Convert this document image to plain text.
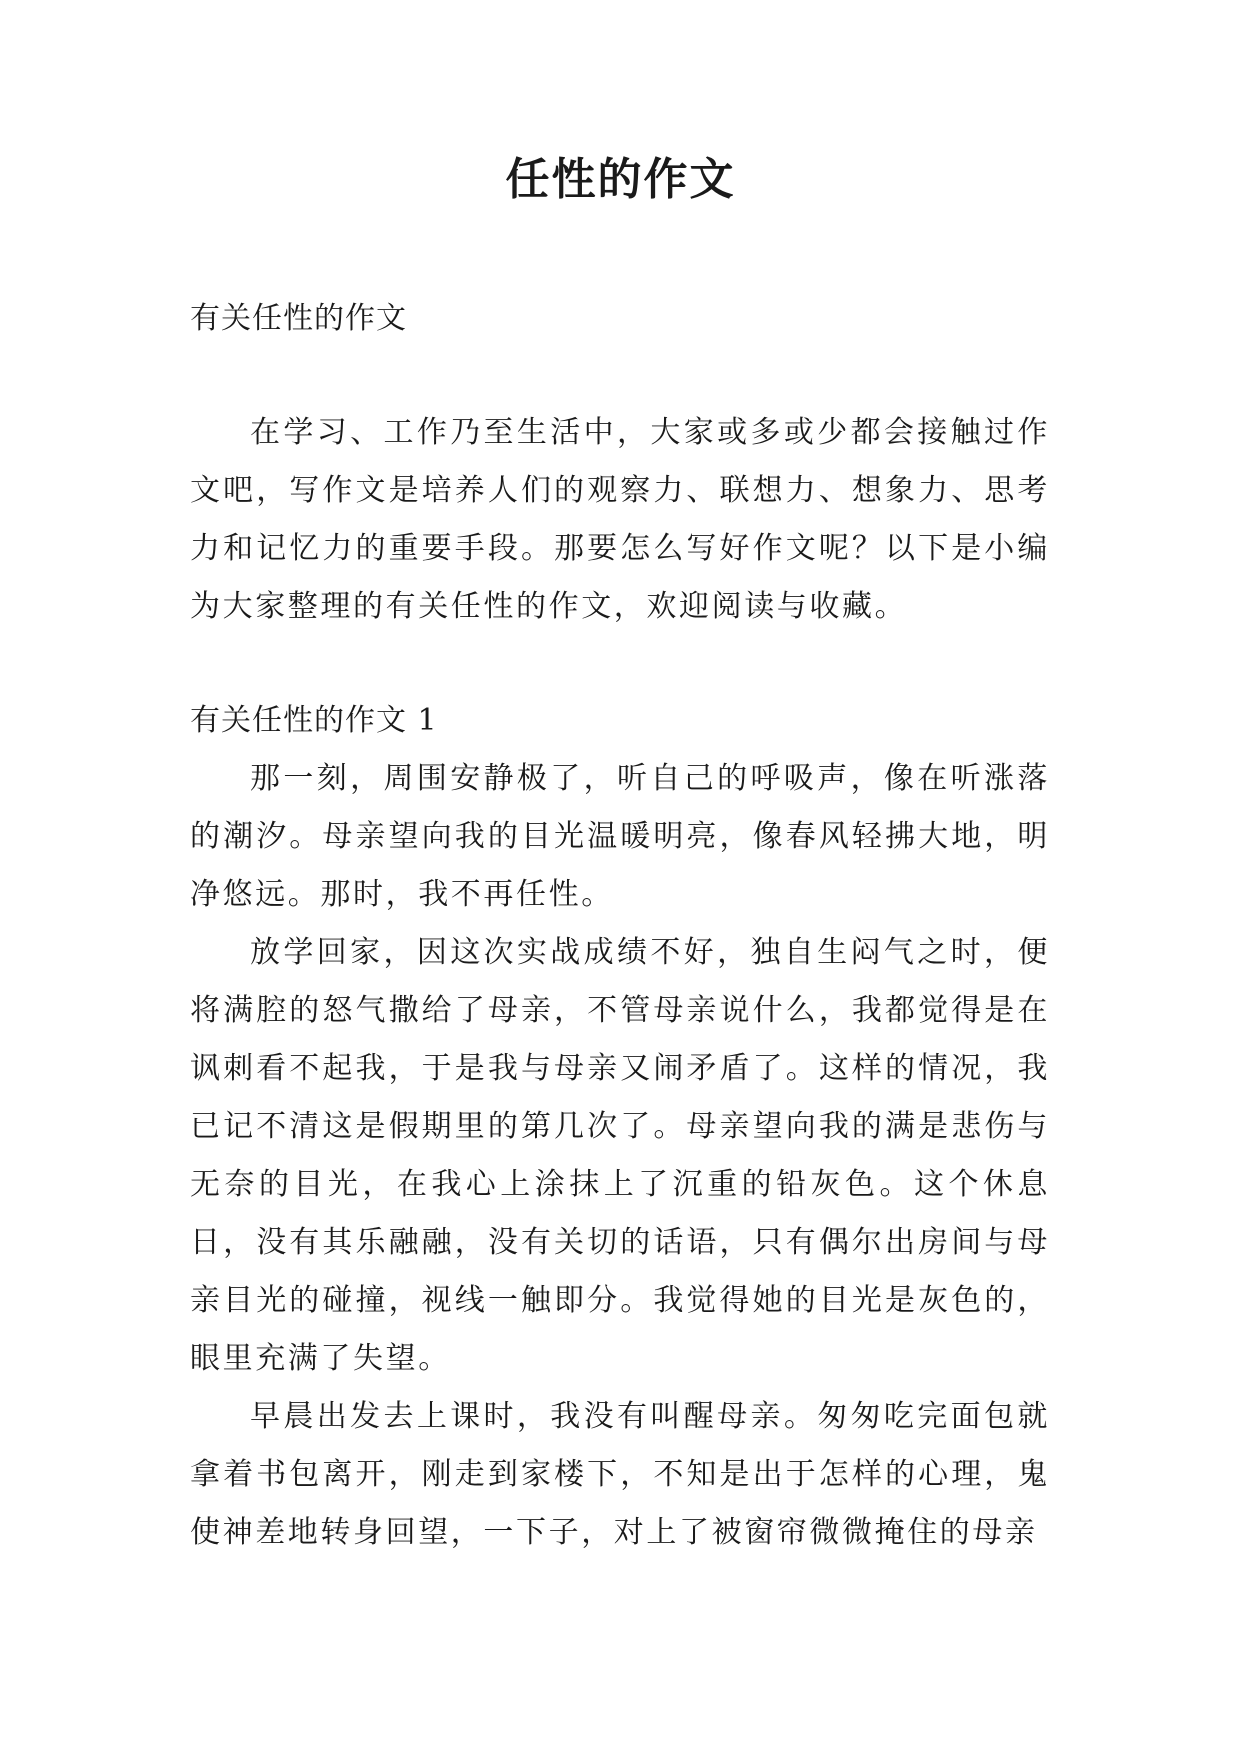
任性的作文

有关任性的作文

在学习、工作乃至生活中，大家或多或少都会接触过作文吧，写作文是培养人们的观察力、联想力、想象力、思考力和记忆力的重要手段。那要怎么写好作文呢？以下是小编为大家整理的有关任性的作文，欢迎阅读与收藏。

有关任性的作文 1

那一刻，周围安静极了，听自己的呼吸声，像在听涨落的潮汐。母亲望向我的目光温暖明亮，像春风轻拂大地，明净悠远。那时，我不再任性。

放学回家，因这次实战成绩不好，独自生闷气之时，便将满腔的怒气撒给了母亲，不管母亲说什么，我都觉得是在讽刺看不起我，于是我与母亲又闹矛盾了。这样的情况，我已记不清这是假期里的第几次了。母亲望向我的满是悲伤与无奈的目光，在我心上涂抹上了沉重的铅灰色。这个休息日，没有其乐融融，没有关切的话语，只有偶尔出房间与母亲目光的碰撞，视线一触即分。我觉得她的目光是灰色的，眼里充满了失望。

早晨出发去上课时，我没有叫醒母亲。匆匆吃完面包就拿着书包离开，刚走到家楼下，不知是出于怎样的心理，鬼使神差地转身回望，一下子，对上了被窗帘微微掩住的母亲
